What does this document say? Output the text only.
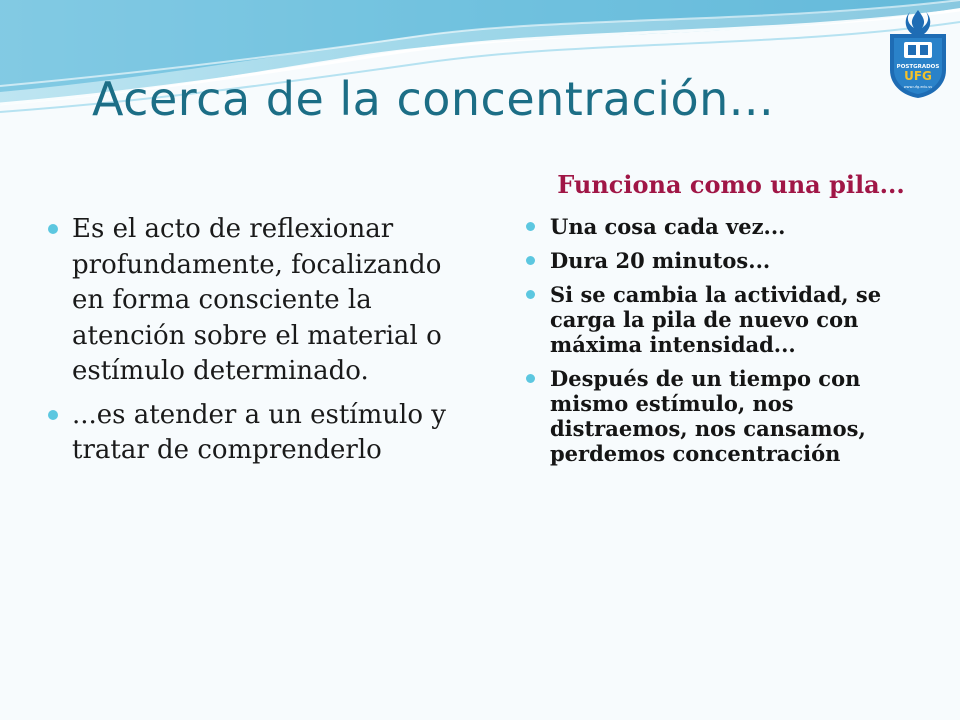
Acerca de la concentración...
POSTGRADOS
UFG
www.ufg.edu.sv
Es el acto de reflexionar profundamente, focalizando en forma consciente la atención sobre el material o estímulo determinado.
...es atender a un estímulo y tratar de comprenderlo

Funciona como una pila...

Una cosa cada vez...
Dura 20 minutos...
Si se cambia la actividad, se carga la pila de nuevo con máxima intensidad...
Después de un tiempo con mismo estímulo, nos distraemos, nos cansamos, perdemos concentración
